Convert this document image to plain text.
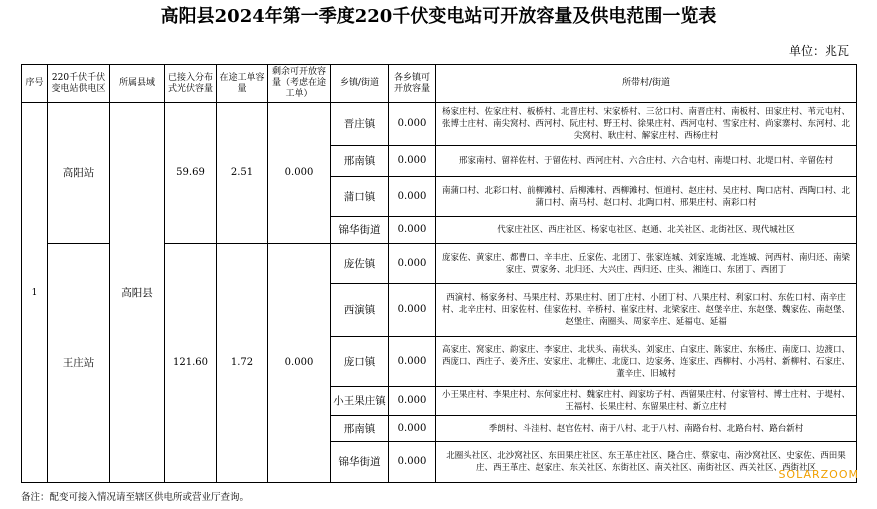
高阳县2024年第一季度220千伏变电站可开放容量及供电范围一览表
单位：兆瓦
序号	220千伏千伏变电站供电区	所属县域	已接入分布式光伏容量	在途工单容量	剩余可开放容量（考虑在途工单）	乡镇/街道	各乡镇可开放容量	所带村/街道
1	高阳站	高阳县	59.69	2.51	0.000	晋庄镇	0.000	杨家庄村、佐家庄村、板桥村、北晋庄村、宋家桥村、三岔口村、南晋庄村、南板村、田家庄村、苇元屯村、张博士庄村、南尖窝村、西河村、阮庄村、野王村、徐果庄村、西河屯村、雪家庄村、尚家寨村、东河村、北尖窝村、耿庄村、解家庄村、西杨庄村
						邢南镇	0.000	邢家南村、留祥佐村、于留佐村、西河庄村、六合庄村、六合屯村、南堤口村、北堤口村、辛留佐村
						蒲口镇	0.000	南蒲口村、北彩口村、前柳滩村、后柳滩村、西柳滩村、恒道村、赵庄村、吴庄村、陶口店村、西陶口村、北蒲口村、南马村、赵口村、北陶口村、邢果庄村、南彩口村
						锦华街道	0.000	代家庄社区、西庄社区、杨家屯社区、赵通、北关社区、北街社区、现代城社区
	王庄站		121.60	1.72	0.000	庞佐镇	0.000	庞家佐、黄家庄、都曹口、辛丰庄、丘家佐、北团丁、张家连城、刘家连城、北连城、河西村、南归还、南梁家庄、贾家务、北归还、大兴庄、西归还、庄头、湘连口、东团丁、西团丁
						西演镇	0.000	西演村、杨家务村、马果庄村、苏果庄村、团丁庄村、小团丁村、八果庄村、利家口村、东佐口村、南辛庄村、北辛庄村、田家佐村、佳家佐村、辛桥村、崔家庄村、北梁家庄、赵堡辛庄、东赵堡、魏家佐、南赵堡、赵堡庄、南圈头、周家辛庄、延福屯、延福
						庞口镇	0.000	高家庄、窝家庄、韵家庄、李家庄、北状头、南状头、刘家庄、白家庄、陈家庄、东杨庄、南庞口、边渡口、西庞口、西庄子、姜齐庄、安家庄、北柳庄、北庞口、边家务、连家庄、西柳村、小冯村、新柳村、石家庄、董辛庄、旧城村
						小王果庄镇	0.000	小王果庄村、李果庄村、东何家庄村、魏家庄村、阎家坊子村、西留果庄村、付家管村、博士庄村、于堤村、王福村、长果庄村、东留果庄村、新立庄村
						邢南镇	0.000	季朗村、斗洼村、赵官佐村、南于八村、北于八村、南路台村、北路台村、路台新村
						锦华街道	0.000	北圈头社区、北沙窝社区、东田果庄社区、东王革庄社区、隆合庄、蔡家屯、南沙窝社区、史家佐、西田果庄、西王革庄、赵家庄、东关社区、东街社区、南关社区、南街社区、西关社区、西街社区
SOLARZOOM
备注：配变可接入情况请至辖区供电所或营业厅查询。
